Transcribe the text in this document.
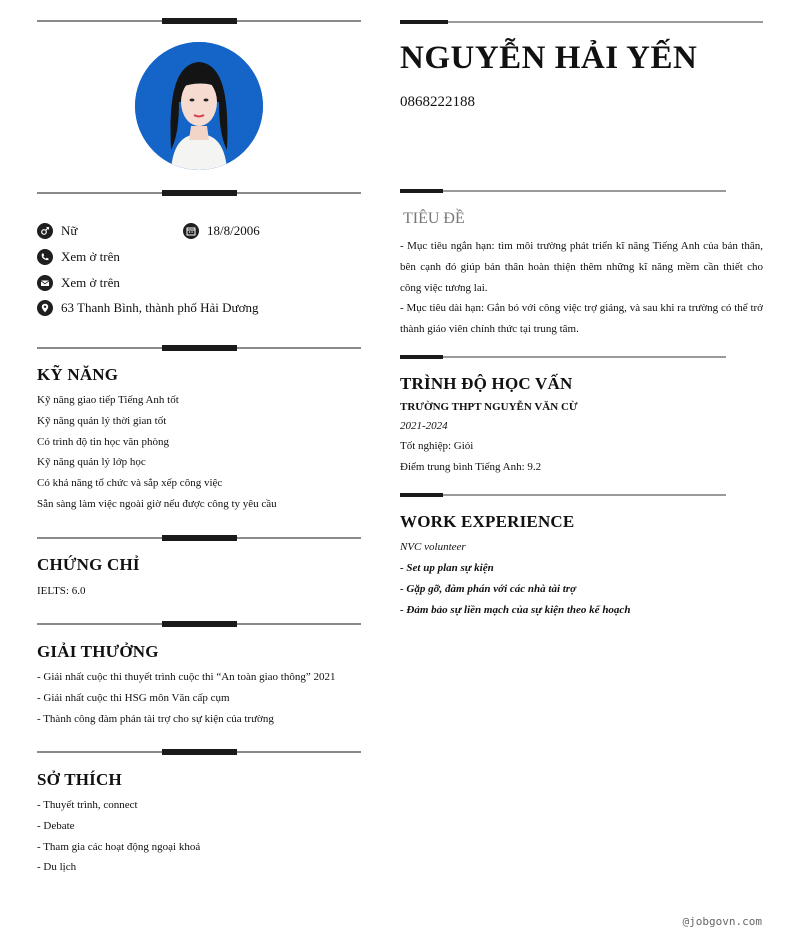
Nữ	18/8/2006
Xem ở trên
Xem ở trên
63 Thanh Bình, thành phố Hải Dương
KỸ NĂNG
Kỹ năng giao tiếp Tiếng Anh tốt
Kỹ năng quản lý thời gian tốt
Có trình độ tin học văn phòng
Kỹ năng quản lý lớp học
Có khả năng tổ chức và sắp xếp công việc
Sẵn sàng làm việc ngoài giờ nếu được công ty yêu cầu
CHỨNG CHỈ
IELTS: 6.0
GIẢI THƯỞNG
- Giải nhất cuộc thi thuyết trình cuộc thi “An toàn giao thông” 2021
- Giải nhất cuộc thi HSG môn Văn cấp cụm
- Thành công đàm phán tài trợ cho sự kiện của trường
SỞ THÍCH
- Thuyết trình, connect
- Debate
- Tham gia các hoạt động ngoại khoá
- Du lịch
NGUYỄN HẢI YẾN
0868222188
TIÊU ĐỀ
- Mục tiêu ngắn hạn: tìm môi trường phát triển kĩ năng Tiếng Anh của bản thân, bên cạnh đó giúp bản thân hoàn thiện thêm những kĩ năng mềm cần thiết cho công việc tương lai.
- Mục tiêu dài hạn: Gắn bó với công việc trợ giảng, và sau khi ra trường có thể trở thành giáo viên chính thức tại trung tâm.
TRÌNH ĐỘ HỌC VẤN
TRƯỜNG THPT NGUYỄN VĂN CỪ
2021-2024
Tốt nghiệp: Giỏi
Điểm trung bình Tiếng Anh: 9.2
WORK EXPERIENCE
NVC volunteer
- Set up plan sự kiện
- Gặp gỡ, đàm phán với các nhà tài trợ
- Đảm bảo sự liền mạch của sự kiện theo kế hoạch
@jobgovn.com
